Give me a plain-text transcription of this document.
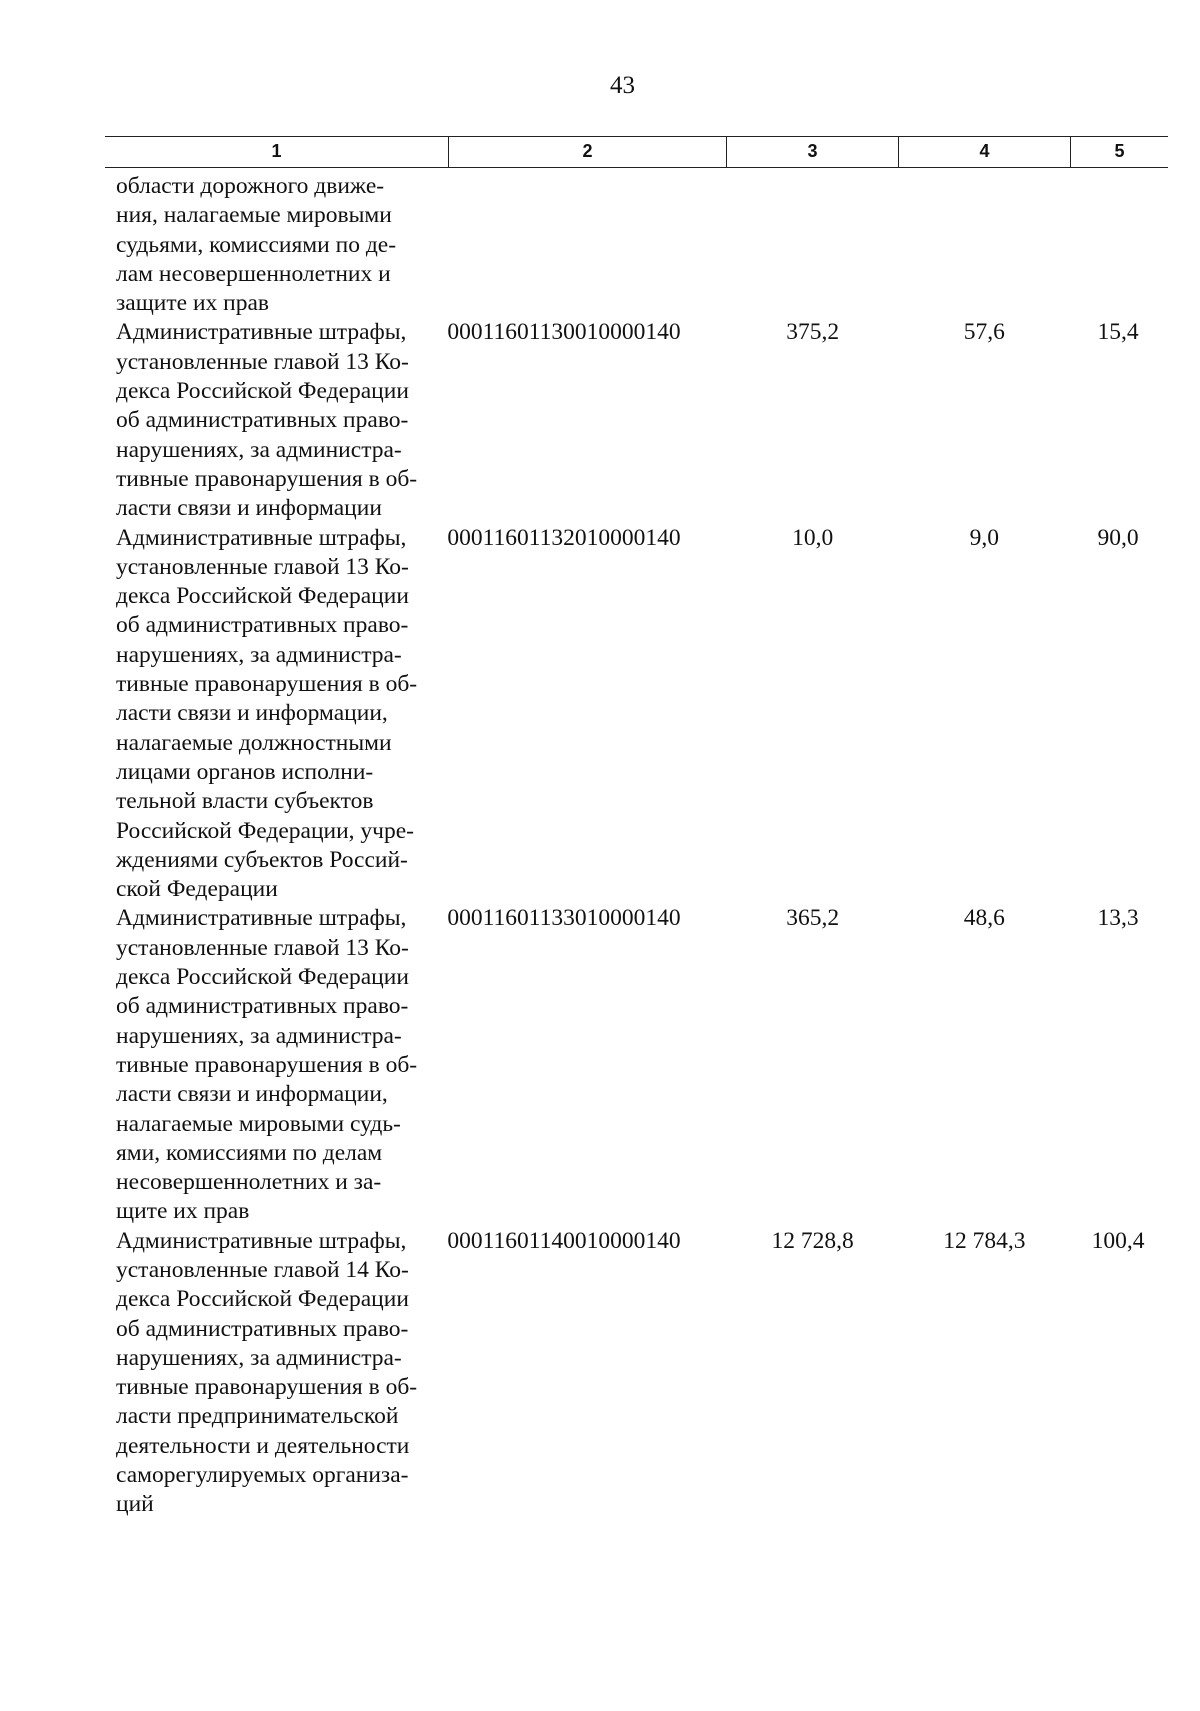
43
1	2	3	4	5
области дорожного движе-
ния, налагаемые мировыми
судьями, комиссиями по де-
лам несовершеннолетних и
защите их прав
Административные штрафы,
установленные главой 13 Ко-
декса Российской Федерации
об административных право-
нарушениях, за администра-
тивные правонарушения в об-
ласти связи и информации
00011601130010000140	375,2	57,6	15,4
Административные штрафы,
установленные главой 13 Ко-
декса Российской Федерации
об административных право-
нарушениях, за администра-
тивные правонарушения в об-
ласти связи и информации,
налагаемые должностными
лицами органов исполни-
тельной власти субъектов
Российской Федерации, учре-
ждениями субъектов Россий-
ской Федерации
00011601132010000140	10,0	9,0	90,0
Административные штрафы,
установленные главой 13 Ко-
декса Российской Федерации
об административных право-
нарушениях, за администра-
тивные правонарушения в об-
ласти связи и информации,
налагаемые мировыми судь-
ями, комиссиями по делам
несовершеннолетних и за-
щите их прав
00011601133010000140	365,2	48,6	13,3
Административные штрафы,
установленные главой 14 Ко-
декса Российской Федерации
об административных право-
нарушениях, за администра-
тивные правонарушения в об-
ласти предпринимательской
деятельности и деятельности
саморегулируемых организа-
ций
00011601140010000140	12 728,8	12 784,3	100,4
